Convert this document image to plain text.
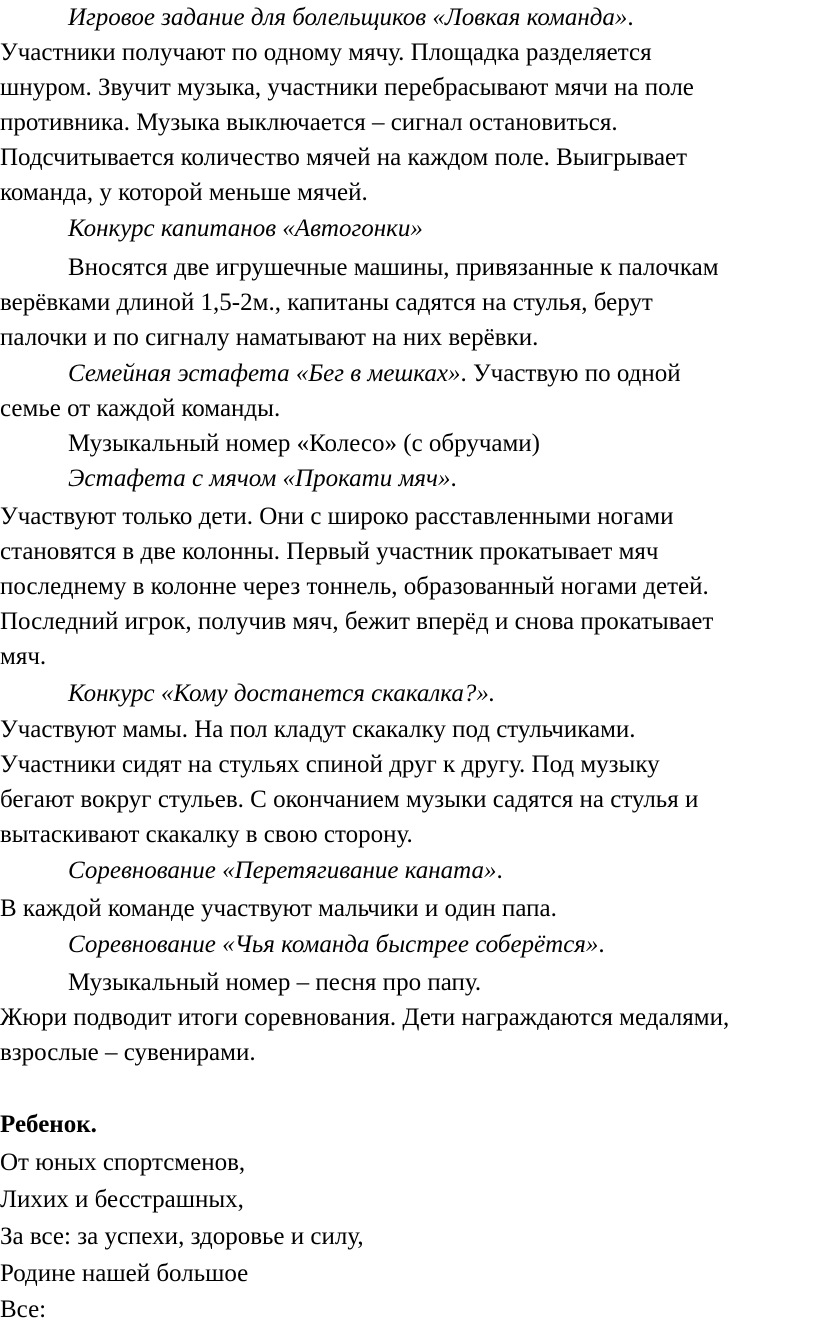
Игровое задание для болельщиков «Ловкая команда».
Участники получают по одному мячу. Площадка разделяется
шнуром. Звучит музыка, участники перебрасывают мячи на поле
противника. Музыка выключается – сигнал остановиться.
Подсчитывается количество мячей на каждом поле. Выигрывает
команда, у которой меньше мячей.
Конкурс капитанов «Автогонки»
Вносятся две игрушечные машины, привязанные к палочкам
верёвками длиной 1,5-2м., капитаны садятся на стулья, берут
палочки и по сигналу наматывают на них верёвки.
Семейная эстафета «Бег в мешках». Участвую по одной
семье от каждой команды.
Музыкальный номер «Колесо» (с обручами)
Эстафета с мячом «Прокати мяч».
Участвуют только дети. Они с широко расставленными ногами
становятся в две колонны. Первый участник прокатывает мяч
последнему в колонне через тоннель, образованный ногами детей.
Последний игрок, получив мяч, бежит вперёд и снова прокатывает
мяч.
Конкурс «Кому достанется скакалка?».
Участвуют мамы. На пол кладут скакалку под стульчиками.
Участники сидят на стульях спиной друг к другу. Под музыку
бегают вокруг стульев. С окончанием музыки садятся на стулья и
вытаскивают скакалку в свою сторону.
Соревнование «Перетягивание каната».
В каждой команде участвуют мальчики и один папа.
Соревнование «Чья команда быстрее соберётся».
Музыкальный номер – песня про папу.
Жюри подводит итоги соревнования. Дети награждаются медалями,
взрослые – сувенирами.
Ребенок.
От юных спортсменов,
Лихих и бесстрашных,
За все: за успехи, здоровье и силу,
Родине нашей большое
Все:
